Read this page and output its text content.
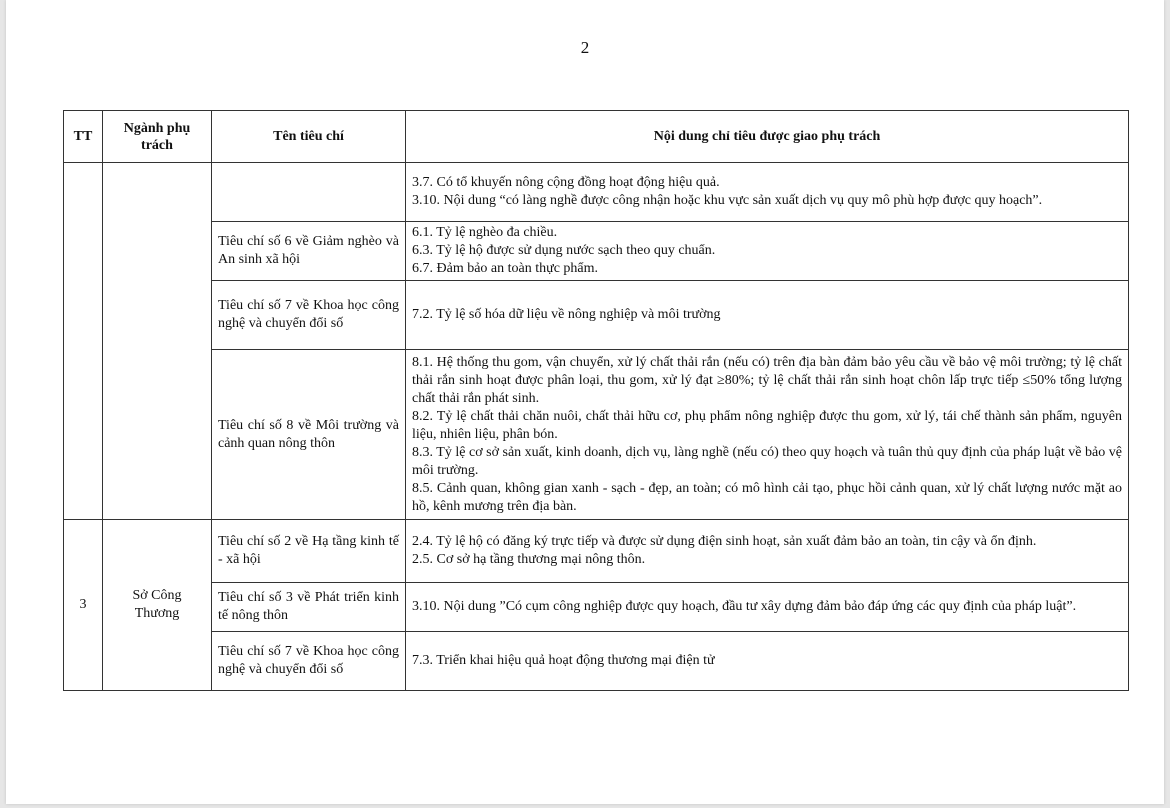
2
TT	Ngành phụ trách	Tên tiêu chí	Nội dung chỉ tiêu được giao phụ trách

			3.7. Có tổ khuyến nông cộng đồng hoạt động hiệu quả.
3.10. Nội dung “có làng nghề được công nhận hoặc khu vực sản xuất dịch vụ quy mô phù hợp được quy hoạch”.

		Tiêu chí số 6 về Giảm nghèo và An sinh xã hội	6.1. Tỷ lệ nghèo đa chiều.
6.3. Tỷ lệ hộ được sử dụng nước sạch theo quy chuẩn.
6.7. Đảm bảo an toàn thực phẩm.

		Tiêu chí số 7 về Khoa học công nghệ và chuyển đổi số	7.2. Tỷ lệ số hóa dữ liệu về nông nghiệp và môi trường

		Tiêu chí số 8 về Môi trường và cảnh quan nông thôn	8.1. Hệ thống thu gom, vận chuyển, xử lý chất thải rắn (nếu có) trên địa bàn đảm bảo yêu cầu về bảo vệ môi trường; tỷ lệ chất thải rắn sinh hoạt được phân loại, thu gom, xử lý đạt ≥80%; tỷ lệ chất thải rắn sinh hoạt chôn lấp trực tiếp ≤50% tổng lượng chất thải rắn phát sinh.
8.2. Tỷ lệ chất thải chăn nuôi, chất thải hữu cơ, phụ phẩm nông nghiệp được thu gom, xử lý, tái chế thành sản phẩm, nguyên liệu, nhiên liệu, phân bón.
8.3. Tỷ lệ cơ sở sản xuất, kinh doanh, dịch vụ, làng nghề (nếu có) theo quy hoạch và tuân thủ quy định của pháp luật về bảo vệ môi trường.
8.5. Cảnh quan, không gian xanh - sạch - đẹp, an toàn; có mô hình cải tạo, phục hồi cảnh quan, xử lý chất lượng nước mặt ao hồ, kênh mương trên địa bàn.

3	Sở Công Thương	Tiêu chí số 2 về Hạ tầng kinh tế - xã hội	2.4. Tỷ lệ hộ có đăng ký trực tiếp và được sử dụng điện sinh hoạt, sản xuất đảm bảo an toàn, tin cậy và ổn định.
2.5. Cơ sở hạ tầng thương mại nông thôn.

		Tiêu chí số 3 về Phát triển kinh tế nông thôn	3.10. Nội dung ”Có cụm công nghiệp được quy hoạch, đầu tư xây dựng đảm bảo đáp ứng các quy định của pháp luật”.

		Tiêu chí số 7 về Khoa học công nghệ và chuyển đổi số	7.3. Triển khai hiệu quả hoạt động thương mại điện tử
